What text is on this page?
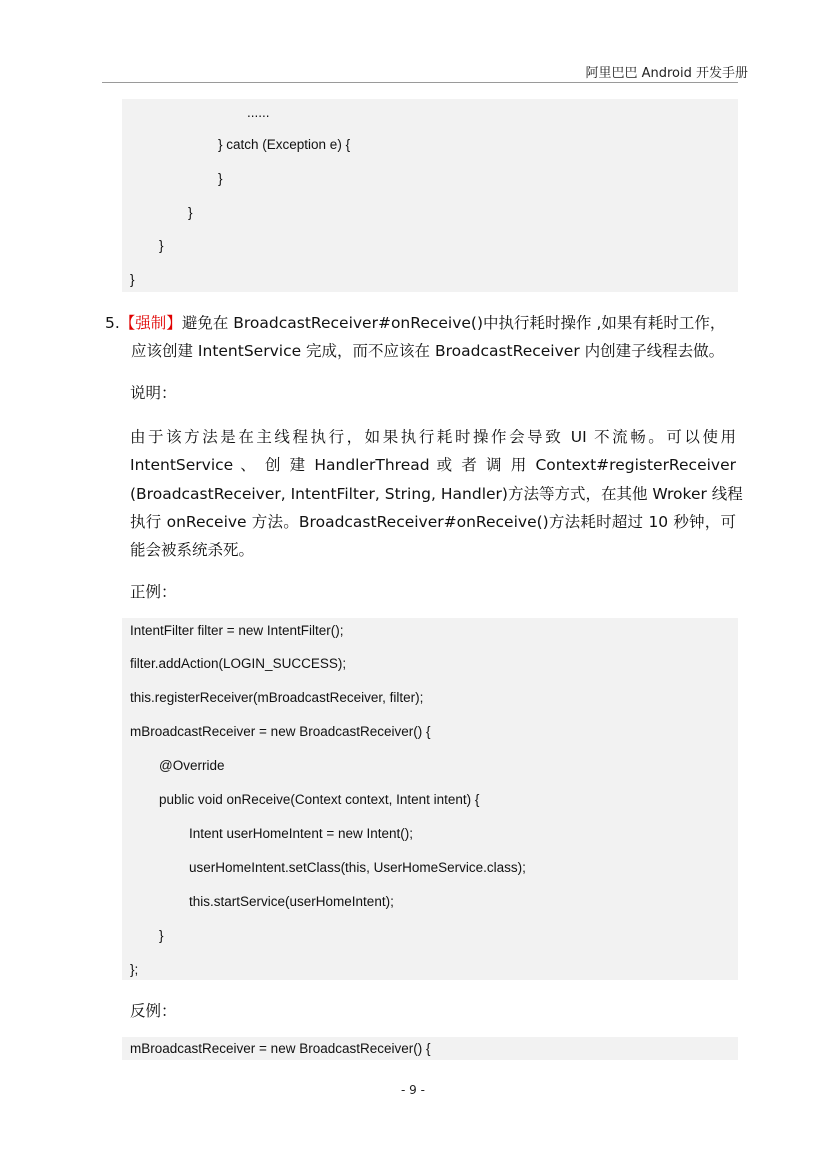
阿里巴巴 Android 开发手册
......
} catch (Exception e) {
}
}
}
}
5.【强制】避免在 BroadcastReceiver#onReceive()中执行耗时操作 ,如果有耗时工作，
应该创建 IntentService 完成，而不应该在 BroadcastReceiver 内创建子线程去做。
说明：
由于该方法是在主线程执行，如果执行耗时操作会导致 UI 不流畅。可以使用
IntentService 、 创 建 HandlerThread 或 者 调 用 Context#registerReceiver
(BroadcastReceiver, IntentFilter, String, Handler)方法等方式，在其他 Wroker 线程
执行 onReceive 方法。BroadcastReceiver#onReceive()方法耗时超过 10 秒钟，可
能会被系统杀死。
正例：
IntentFilter filter = new IntentFilter();
filter.addAction(LOGIN_SUCCESS);
this.registerReceiver(mBroadcastReceiver, filter);
mBroadcastReceiver = new BroadcastReceiver() {
@Override
public void onReceive(Context context, Intent intent) {
Intent userHomeIntent = new Intent();
userHomeIntent.setClass(this, UserHomeService.class);
this.startService(userHomeIntent);
}
};
反例：
mBroadcastReceiver = new BroadcastReceiver() {
- 9 -
